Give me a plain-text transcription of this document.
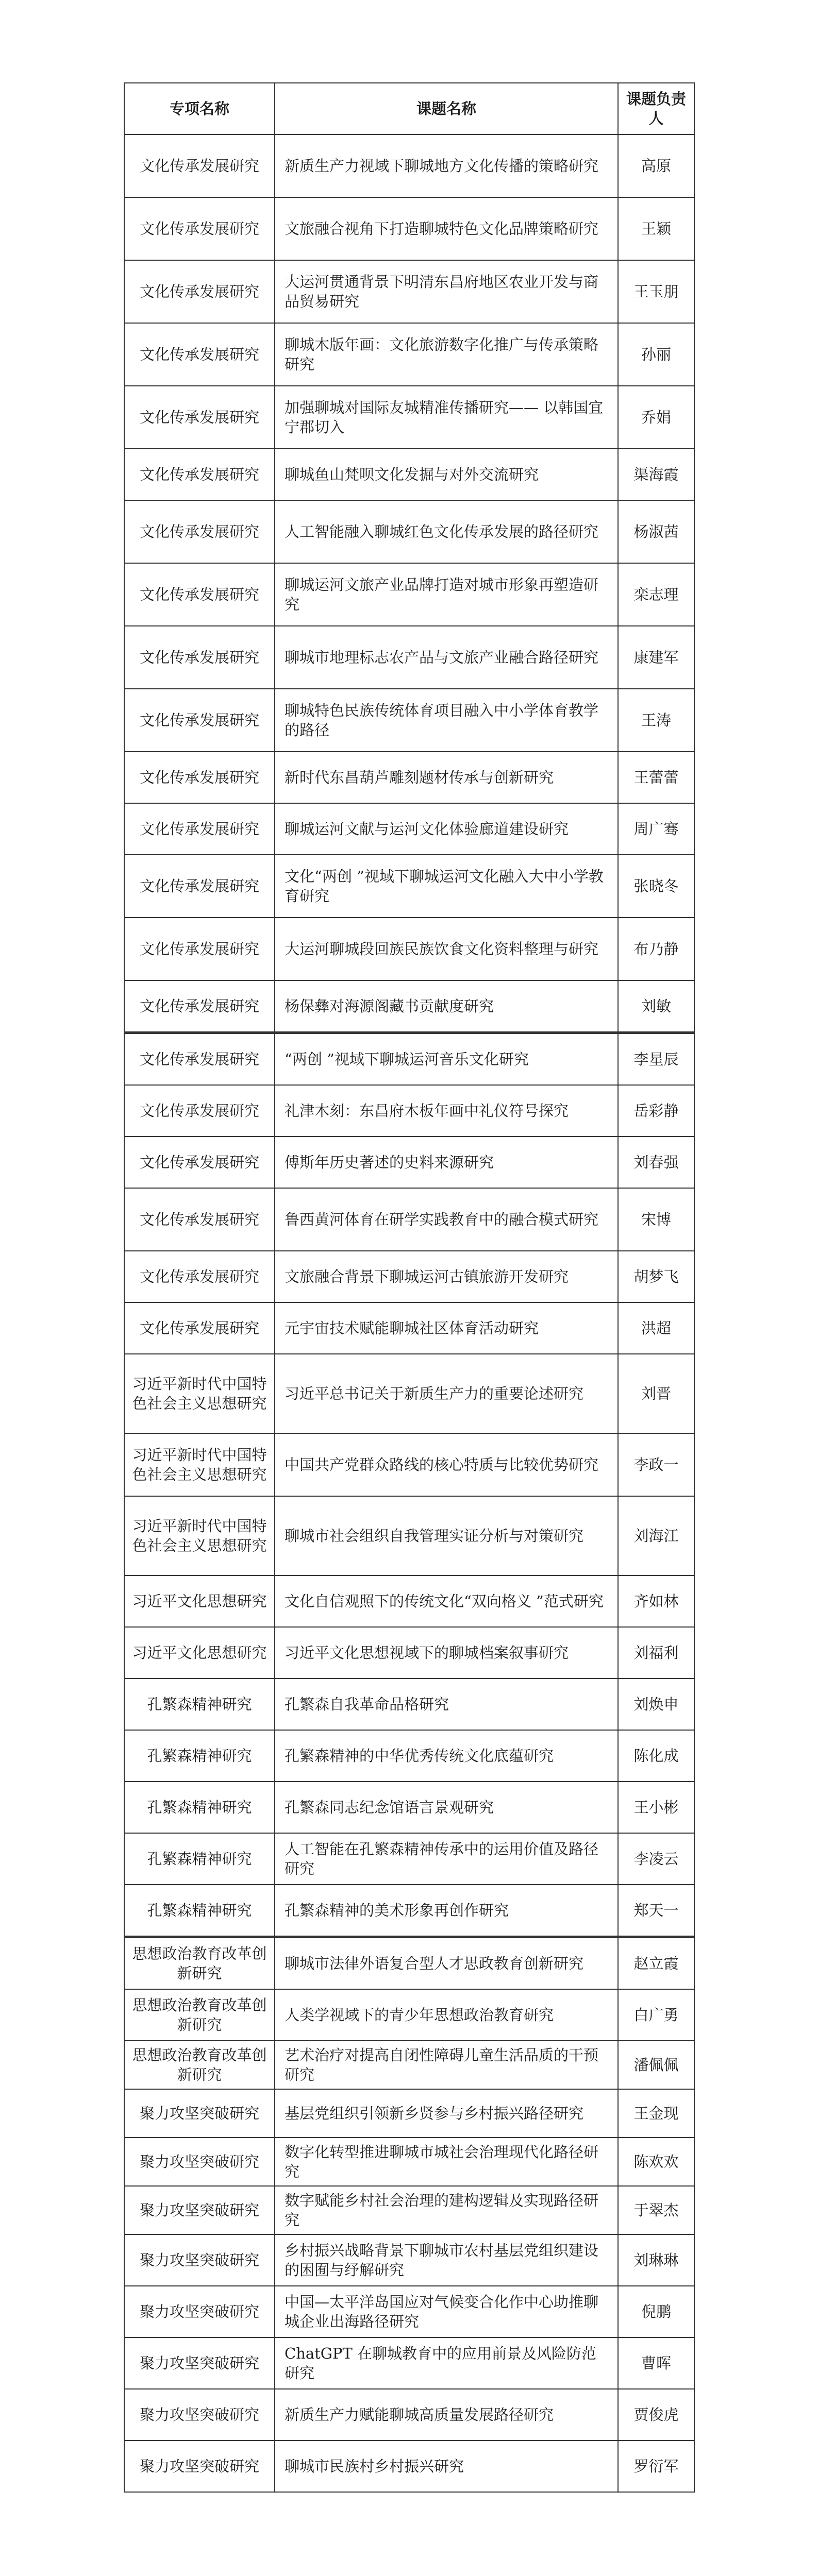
专项名称	课题名称	课题负责人
文化传承发展研究	新质生产力视域下聊城地方文化传播的策略研究	高原
文化传承发展研究	文旅融合视角下打造聊城特色文化品牌策略研究	王颖
文化传承发展研究	大运河贯通背景下明清东昌府地区农业开发与商品贸易研究	王玉朋
文化传承发展研究	聊城木版年画：文化旅游数字化推广与传承策略研究	孙丽
文化传承发展研究	加强聊城对国际友城精准传播研究—— 以韩国宜宁郡切入	乔娟
文化传承发展研究	聊城鱼山梵呗文化发掘与对外交流研究	渠海霞
文化传承发展研究	人工智能融入聊城红色文化传承发展的路径研究	杨淑茜
文化传承发展研究	聊城运河文旅产业品牌打造对城市形象再塑造研究	栾志理
文化传承发展研究	聊城市地理标志农产品与文旅产业融合路径研究	康建军
文化传承发展研究	聊城特色民族传统体育项目融入中小学体育教学的路径	王涛
文化传承发展研究	新时代东昌葫芦雕刻题材传承与创新研究	王蕾蕾
文化传承发展研究	聊城运河文献与运河文化体验廊道建设研究	周广骞
文化传承发展研究	文化“两创 ”视域下聊城运河文化融入大中小学教育研究	张晓冬
文化传承发展研究	大运河聊城段回族民族饮食文化资料整理与研究	布乃静
文化传承发展研究	杨保彝对海源阁藏书贡献度研究	刘敏
文化传承发展研究	“两创 ”视域下聊城运河音乐文化研究	李星辰
文化传承发展研究	礼津木刻：东昌府木板年画中礼仪符号探究	岳彩静
文化传承发展研究	傅斯年历史著述的史料来源研究	刘春强
文化传承发展研究	鲁西黄河体育在研学实践教育中的融合模式研究	宋博
文化传承发展研究	文旅融合背景下聊城运河古镇旅游开发研究	胡梦飞
文化传承发展研究	元宇宙技术赋能聊城社区体育活动研究	洪超
习近平新时代中国特色社会主义思想研究	习近平总书记关于新质生产力的重要论述研究	刘晋
习近平新时代中国特色社会主义思想研究	中国共产党群众路线的核心特质与比较优势研究	李政一
习近平新时代中国特色社会主义思想研究	聊城市社会组织自我管理实证分析与对策研究	刘海江
习近平文化思想研究	文化自信观照下的传统文化“双向格义 ”范式研究	齐如林
习近平文化思想研究	习近平文化思想视域下的聊城档案叙事研究	刘福利
孔繁森精神研究	孔繁森自我革命品格研究	刘焕申
孔繁森精神研究	孔繁森精神的中华优秀传统文化底蕴研究	陈化成
孔繁森精神研究	孔繁森同志纪念馆语言景观研究	王小彬
孔繁森精神研究	人工智能在孔繁森精神传承中的运用价值及路径研究	李凌云
孔繁森精神研究	孔繁森精神的美术形象再创作研究	郑天一
思想政治教育改革创新研究	聊城市法律外语复合型人才思政教育创新研究	赵立霞
思想政治教育改革创新研究	人类学视域下的青少年思想政治教育研究	白广勇
思想政治教育改革创新研究	艺术治疗对提高自闭性障碍儿童生活品质的干预研究	潘佩佩
聚力攻坚突破研究	基层党组织引领新乡贤参与乡村振兴路径研究	王金现
聚力攻坚突破研究	数字化转型推进聊城市城社会治理现代化路径研究	陈欢欢
聚力攻坚突破研究	数字赋能乡村社会治理的建构逻辑及实现路径研究	于翠杰
聚力攻坚突破研究	乡村振兴战略背景下聊城市农村基层党组织建设的困囿与纾解研究	刘琳琳
聚力攻坚突破研究	中国—太平洋岛国应对气候变合化作中心助推聊城企业出海路径研究	倪鹏
聚力攻坚突破研究	ChatGPT 在聊城教育中的应用前景及风险防范研究	曹晖
聚力攻坚突破研究	新质生产力赋能聊城高质量发展路径研究	贾俊虎
聚力攻坚突破研究	聊城市民族村乡村振兴研究	罗衍军
